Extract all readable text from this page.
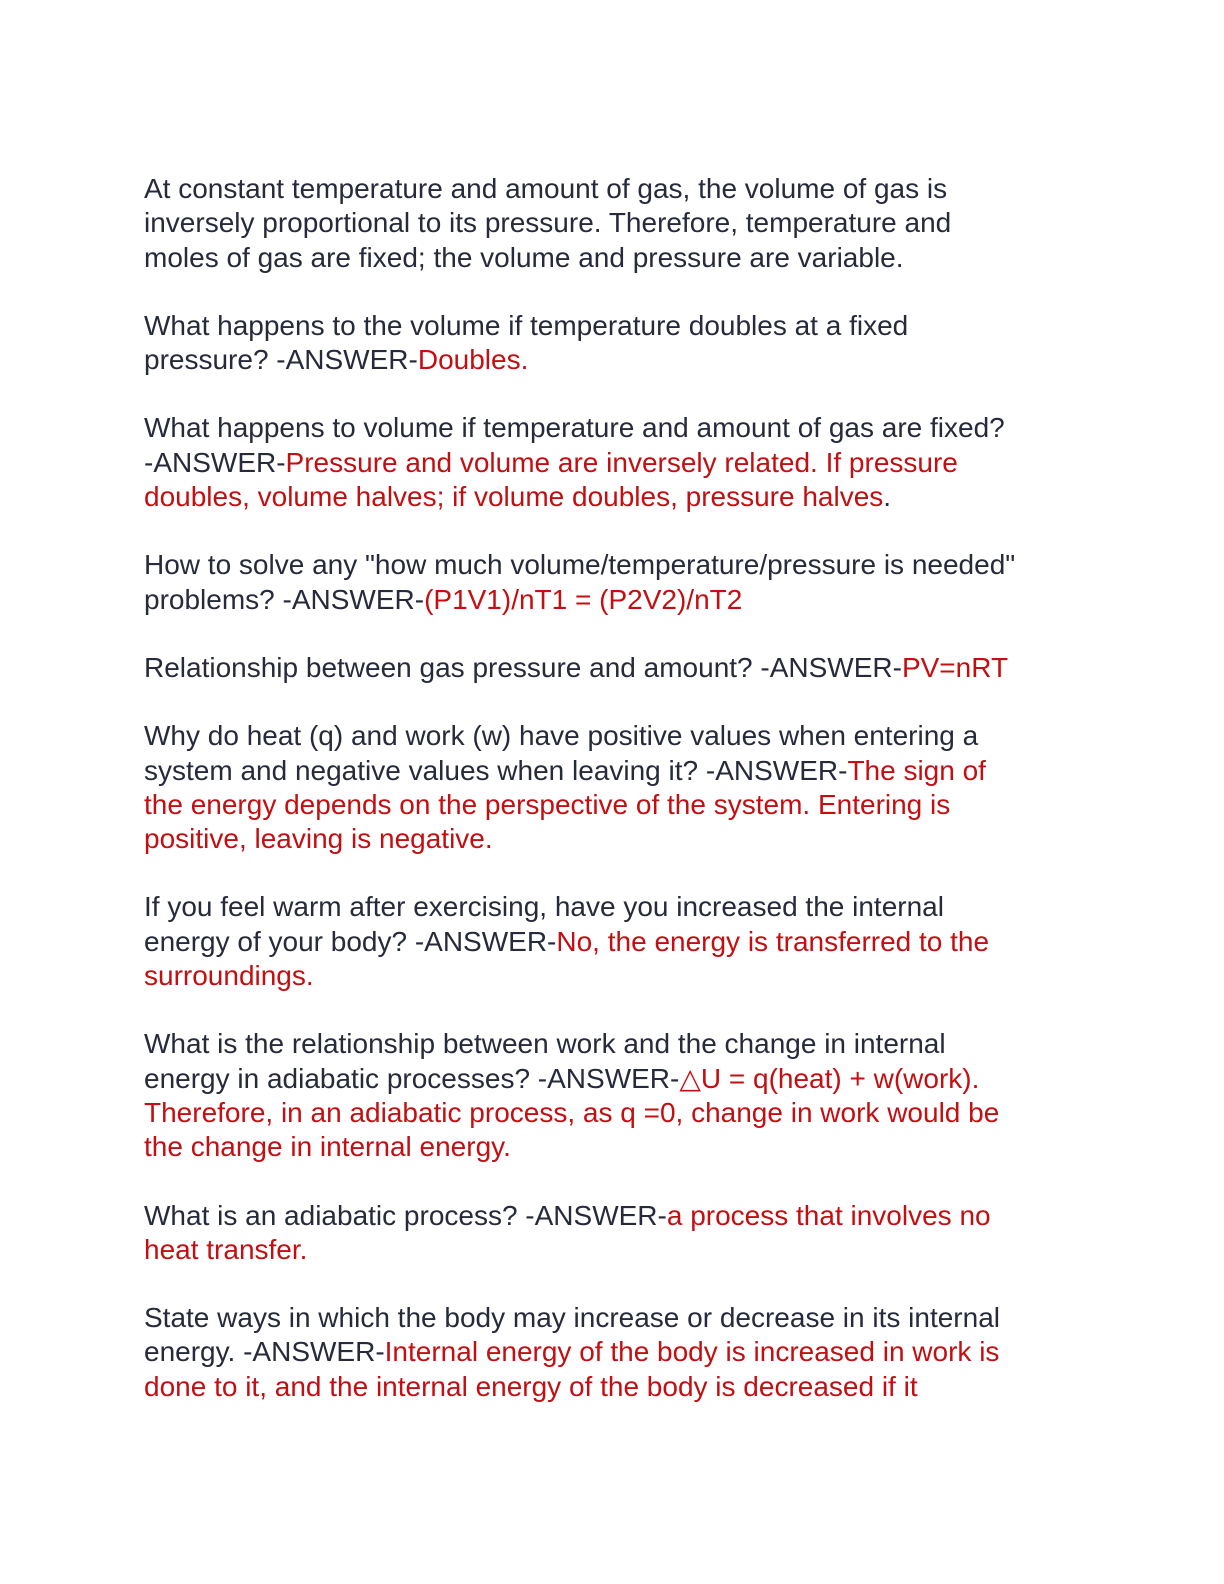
At constant temperature and amount of gas, the volume of gas is
inversely proportional to its pressure. Therefore, temperature and
moles of gas are fixed; the volume and pressure are variable.
What happens to the volume if temperature doubles at a fixed
pressure? -ANSWER-Doubles.
What happens to volume if temperature and amount of gas are fixed?
-ANSWER-Pressure and volume are inversely related. If pressure
doubles, volume halves; if volume doubles, pressure halves.
How to solve any "how much volume/temperature/pressure is needed"
problems? -ANSWER-(P1V1)/nT1 = (P2V2)/nT2
Relationship between gas pressure and amount? -ANSWER-PV=nRT
Why do heat (q) and work (w) have positive values when entering a
system and negative values when leaving it? -ANSWER-The sign of
the energy depends on the perspective of the system. Entering is
positive, leaving is negative.
If you feel warm after exercising, have you increased the internal
energy of your body? -ANSWER-No, the energy is transferred to the
surroundings.
What is the relationship between work and the change in internal
energy in adiabatic processes? -ANSWER-△U = q(heat) + w(work).
Therefore, in an adiabatic process, as q =0, change in work would be
the change in internal energy.
What is an adiabatic process? -ANSWER-a process that involves no
heat transfer.
State ways in which the body may increase or decrease in its internal
energy. -ANSWER-Internal energy of the body is increased in work is
done to it, and the internal energy of the body is decreased if it
